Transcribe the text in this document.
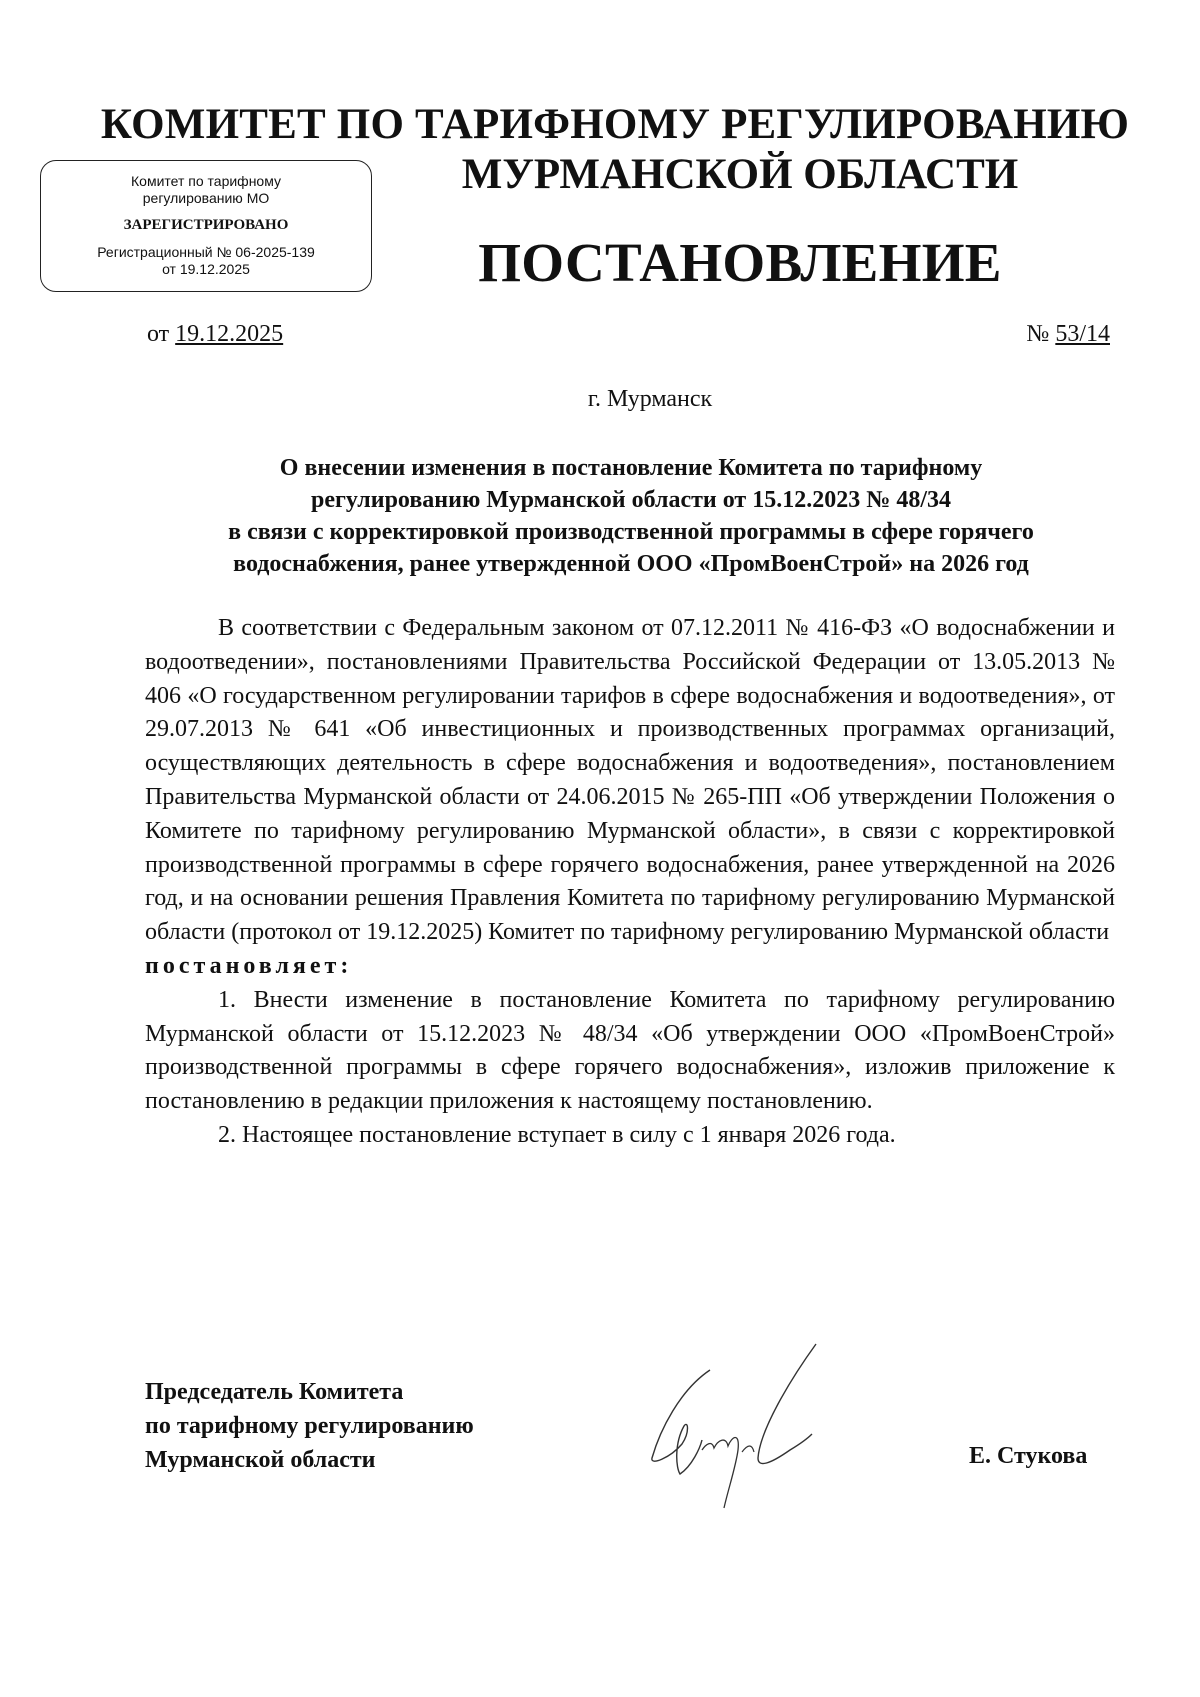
КОМИТЕТ ПО ТАРИФНОМУ РЕГУЛИРОВАНИЮ
МУРМАНСКОЙ ОБЛАСТИ
ПОСТАНОВЛЕНИЕ
Комитет по тарифному
регулированию МО
ЗАРЕГИСТРИРОВАНО
Регистрационный № 06-2025-139
от 19.12.2025
от 19.12.2025	№ 53/14
г. Мурманск
О внесении изменения в постановление Комитета по тарифному
регулированию Мурманской области от 15.12.2023 № 48/34
в связи с корректировкой производственной программы в сфере горячего
водоснабжения, ранее утвержденной ООО «ПромВоенСтрой» на 2026 год

В соответствии с Федеральным законом от 07.12.2011 № 416-ФЗ «О водоснабжении и водоотведении», постановлениями Правительства Российской Федерации от 13.05.2013 № 406 «О государственном регулировании тарифов в сфере водоснабжения и водоотведения», от 29.07.2013 № 641 «Об инвестиционных и производственных программах организаций, осуществляющих деятельность в сфере водоснабжения и водоотведения», постановлением Правительства Мурманской области от 24.06.2015 № 265-ПП «Об утверждении Положения о Комитете по тарифному регулированию Мурманской области», в связи с корректировкой производственной программы в сфере горячего водоснабжения, ранее утвержденной на 2026 год, и на основании решения Правления Комитета по тарифному регулированию Мурманской области (протокол от 19.12.2025) Комитет по тарифному регулированию Мурманской области

постановляет:

1. Внести изменение в постановление Комитета по тарифному регулированию Мурманской области от 15.12.2023 № 48/34 «Об утверждении ООО «ПромВоенСтрой» производственной программы в сфере горячего водоснабжения», изложив приложение к постановлению в редакции приложения к настоящему постановлению.

2. Настоящее постановление вступает в силу с 1 января 2026 года.

Председатель Комитета
по тарифному регулированию
Мурманской области	Е. Стукова
